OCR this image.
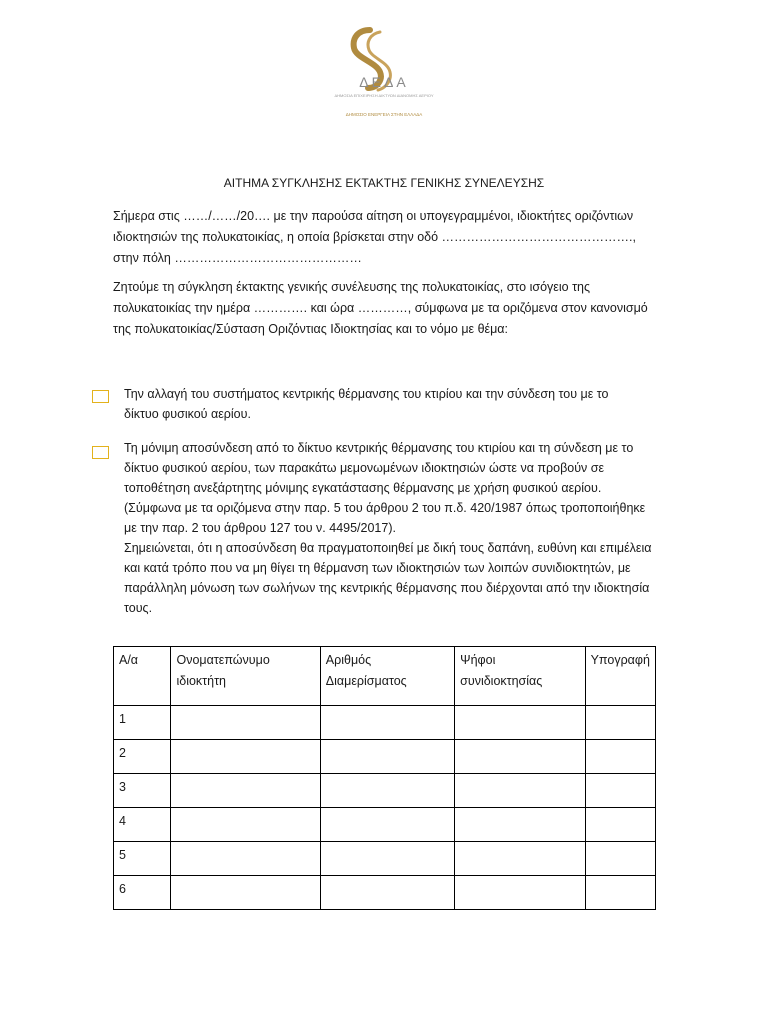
ΔΕΔΑ
ΔΗΜΟΣΙΑ ΕΠΙΧΕΙΡΗΣΗ ΔΙΚΤΥΩΝ ΔΙΑΝΟΜΗΣ ΑΕΡΙΟΥ
ΔΗΜΟΣΙΟ ΕΝΕΡΓΕΙΑ ΣΤΗΝ ΕΛΛΑΔΑ
ΑΙΤΗΜΑ ΣΥΓΚΛΗΣΗΣ ΕΚΤΑΚΤΗΣ ΓΕΝΙΚΗΣ ΣΥΝΕΛΕΥΣΗΣ

Σήμερα στις ……/……/20…. με την παρούσα αίτηση οι υπογεγραμμένοι, ιδιοκτήτες οριζόντιων ιδιοκτησιών της πολυκατοικίας, η οποία βρίσκεται στην οδό ………………………………………., στην πόλη ………………………………………

Ζητούμε τη σύγκληση έκτακτης γενικής συνέλευσης της πολυκατοικίας, στο ισόγειο της πολυκατοικίας την ημέρα …………. και ώρα …………, σύμφωνα με τα οριζόμενα στον κανονισμό της πολυκατοικίας/Σύσταση Οριζόντιας Ιδιοκτησίας και το νόμο με θέμα:

Την αλλαγή του συστήματος κεντρικής θέρμανσης του κτιρίου και την σύνδεση του με το δίκτυο φυσικού αερίου.

Τη μόνιμη αποσύνδεση από το δίκτυο κεντρικής θέρμανσης του κτιρίου και τη σύνδεση με το δίκτυο φυσικού αερίου, των παρακάτω μεμονωμένων ιδιοκτησιών ώστε να προβούν σε τοποθέτηση ανεξάρτητης μόνιμης εγκατάστασης θέρμανσης με χρήση φυσικού αερίου.
(Σύμφωνα με τα οριζόμενα στην παρ. 5 του άρθρου 2 του π.δ. 420/1987 όπως τροποποιήθηκε με την παρ. 2 του άρθρου 127 του ν. 4495/2017).
Σημειώνεται, ότι η αποσύνδεση θα πραγματοποιηθεί με δική τους δαπάνη, ευθύνη και επιμέλεια και κατά τρόπο που να μη θίγει τη θέρμανση των ιδιοκτησιών των λοιπών συνιδιοκτητών, με παράλληλη μόνωση των σωλήνων της κεντρικής θέρμανσης που διέρχονται από την ιδιοκτησία τους.
Α/α	Ονοματεπώνυμο ιδιοκτήτη	Αριθμός Διαμερίσματος	Ψήφοι συνιδιοκτησίας	Υπογραφή
1				
2				
3				
4				
5				
6				
